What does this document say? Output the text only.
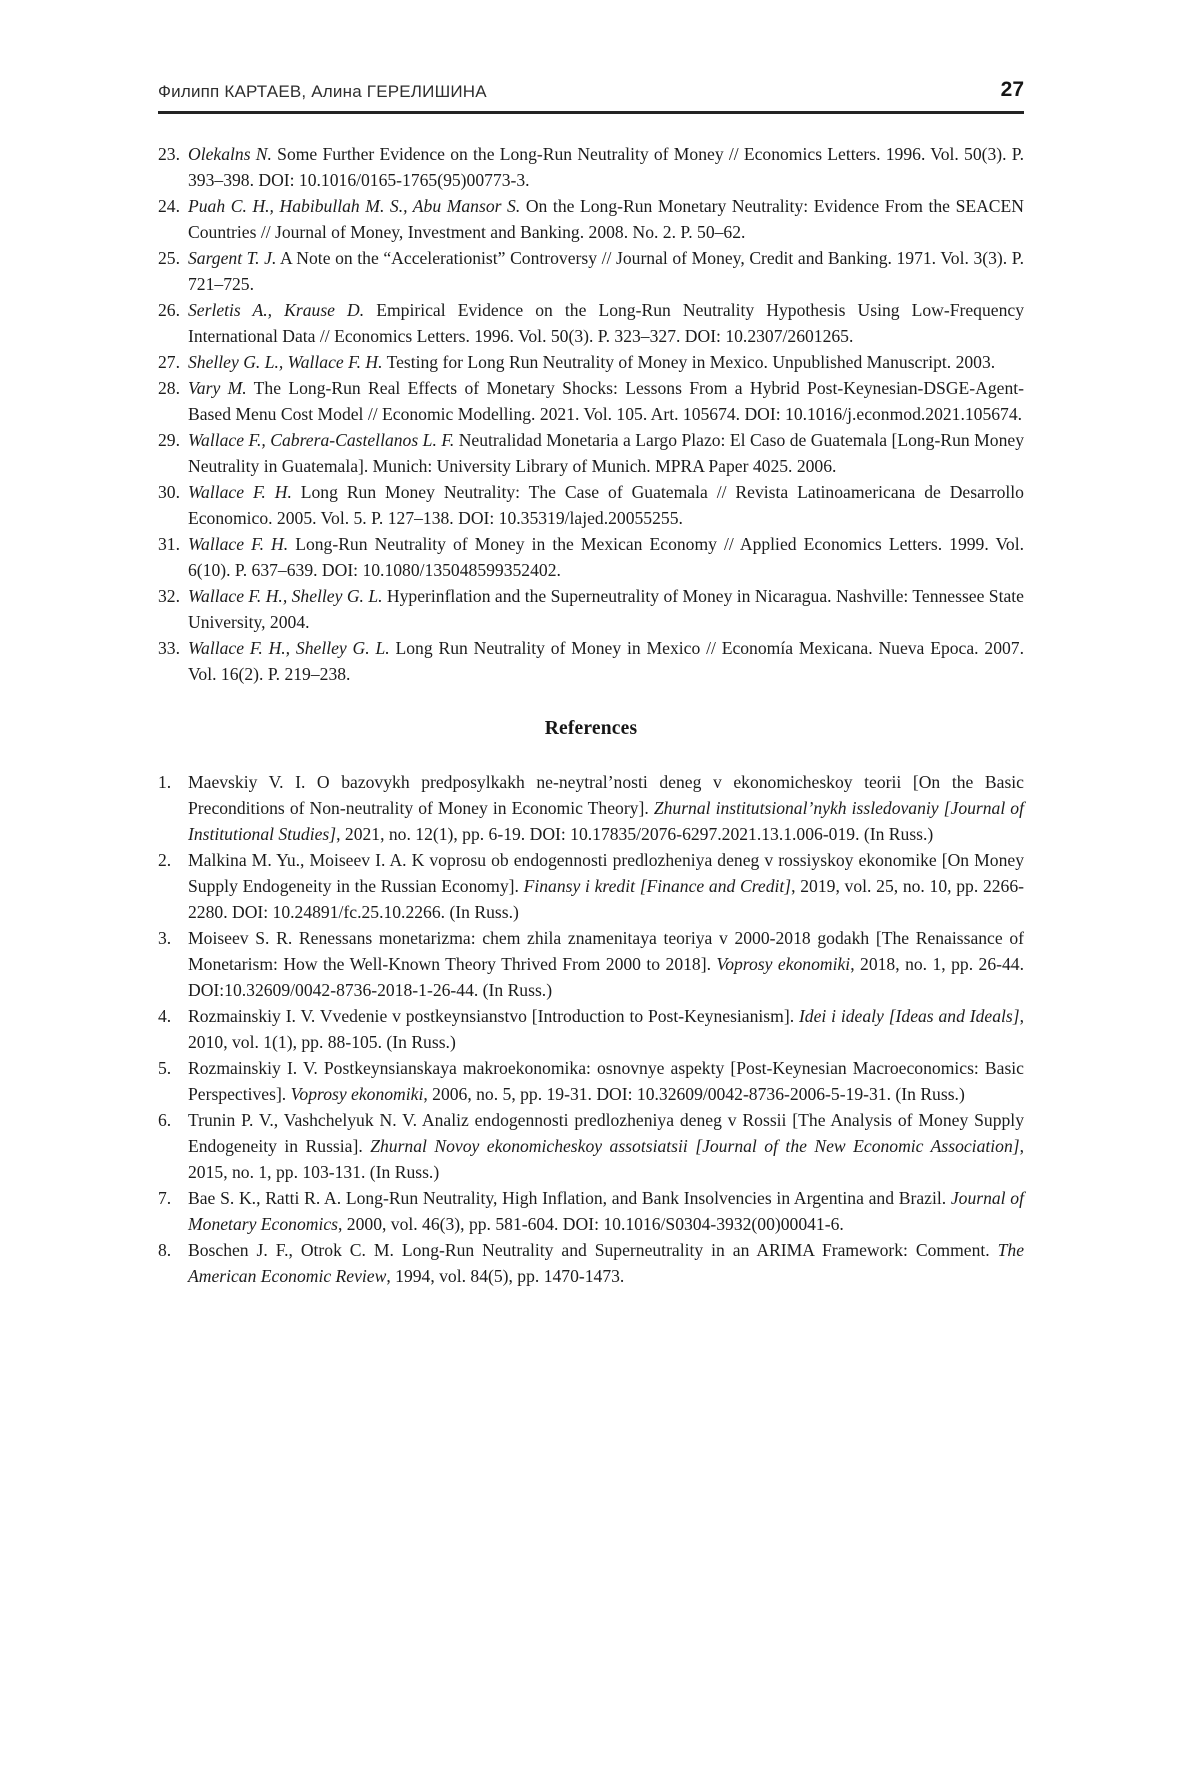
Филипп КАРТАЕВ, Алина ГЕРЕЛИШИНА	27
23. Olekalns N. Some Further Evidence on the Long-Run Neutrality of Money // Economics Letters. 1996. Vol. 50(3). P. 393–398. DOI: 10.1016/0165-1765(95)00773-3.
24. Puah C. H., Habibullah M. S., Abu Mansor S. On the Long-Run Monetary Neutrality: Evidence From the SEACEN Countries // Journal of Money, Investment and Banking. 2008. No. 2. P. 50–62.
25. Sargent T. J. A Note on the “Accelerationist” Controversy // Journal of Money, Credit and Banking. 1971. Vol. 3(3). P. 721–725.
26. Serletis A., Krause D. Empirical Evidence on the Long-Run Neutrality Hypothesis Using Low-Frequency International Data // Economics Letters. 1996. Vol. 50(3). P. 323–327. DOI: 10.2307/2601265.
27. Shelley G. L., Wallace F. H. Testing for Long Run Neutrality of Money in Mexico. Unpublished Manuscript. 2003.
28. Vary M. The Long-Run Real Effects of Monetary Shocks: Lessons From a Hybrid Post-Keynesian-DSGE-Agent-Based Menu Cost Model // Economic Modelling. 2021. Vol. 105. Art. 105674. DOI: 10.1016/j.econmod.2021.105674.
29. Wallace F., Cabrera-Castellanos L. F. Neutralidad Monetaria a Largo Plazo: El Caso de Guatemala [Long-Run Money Neutrality in Guatemala]. Munich: University Library of Munich. MPRA Paper 4025. 2006.
30. Wallace F. H. Long Run Money Neutrality: The Case of Guatemala // Revista Latinoamericana de Desarrollo Economico. 2005. Vol. 5. P. 127–138. DOI: 10.35319/lajed.20055255.
31. Wallace F. H. Long-Run Neutrality of Money in the Mexican Economy // Applied Economics Letters. 1999. Vol. 6(10). P. 637–639. DOI: 10.1080/135048599352402.
32. Wallace F. H., Shelley G. L. Hyperinflation and the Superneutrality of Money in Nicaragua. Nashville: Tennessee State University, 2004.
33. Wallace F. H., Shelley G. L. Long Run Neutrality of Money in Mexico // Economía Mexicana. Nueva Epoca. 2007. Vol. 16(2). P. 219–238.
References
1. Maevskiy V. I. O bazovykh predposylkakh ne-neytral’nosti deneg v ekonomicheskoy teorii [On the Basic Preconditions of Non-neutrality of Money in Economic Theory]. Zhurnal institutsional’nykh issledovaniy [Journal of Institutional Studies], 2021, no. 12(1), pp. 6-19. DOI: 10.17835/2076-6297.2021.13.1.006-019. (In Russ.)
2. Malkina M. Yu., Moiseev I. A. K voprosu ob endogennosti predlozheniya deneg v rossiyskoy ekonomike [On Money Supply Endogeneity in the Russian Economy]. Finansy i kredit [Finance and Credit], 2019, vol. 25, no. 10, pp. 2266-2280. DOI: 10.24891/fc.25.10.2266. (In Russ.)
3. Moiseev S. R. Renessans monetarizma: chem zhila znamenitaya teoriya v 2000-2018 godakh [The Renaissance of Monetarism: How the Well-Known Theory Thrived From 2000 to 2018]. Voprosy ekonomiki, 2018, no. 1, pp. 26-44. DOI:10.32609/0042-8736-2018-1-26-44. (In Russ.)
4. Rozmainskiy I. V. Vvedenie v postkeynsianstvo [Introduction to Post-Keynesianism]. Idei i idealy [Ideas and Ideals], 2010, vol. 1(1), pp. 88-105. (In Russ.)
5. Rozmainskiy I. V. Postkeynsianskaya makroekonomika: osnovnye aspekty [Post-Keynesian Macroeconomics: Basic Perspectives]. Voprosy ekonomiki, 2006, no. 5, pp. 19-31. DOI: 10.32609/0042-8736-2006-5-19-31. (In Russ.)
6. Trunin P. V., Vashchelyuk N. V. Analiz endogennosti predlozheniya deneg v Rossii [The Analysis of Money Supply Endogeneity in Russia]. Zhurnal Novoy ekonomicheskoy assotsiatsii [Journal of the New Economic Association], 2015, no. 1, pp. 103-131. (In Russ.)
7. Bae S. K., Ratti R. A. Long-Run Neutrality, High Inflation, and Bank Insolvencies in Argentina and Brazil. Journal of Monetary Economics, 2000, vol. 46(3), pp. 581-604. DOI: 10.1016/S0304-3932(00)00041-6.
8. Boschen J. F., Otrok C. M. Long-Run Neutrality and Superneutrality in an ARIMA Framework: Comment. The American Economic Review, 1994, vol. 84(5), pp. 1470-1473.
